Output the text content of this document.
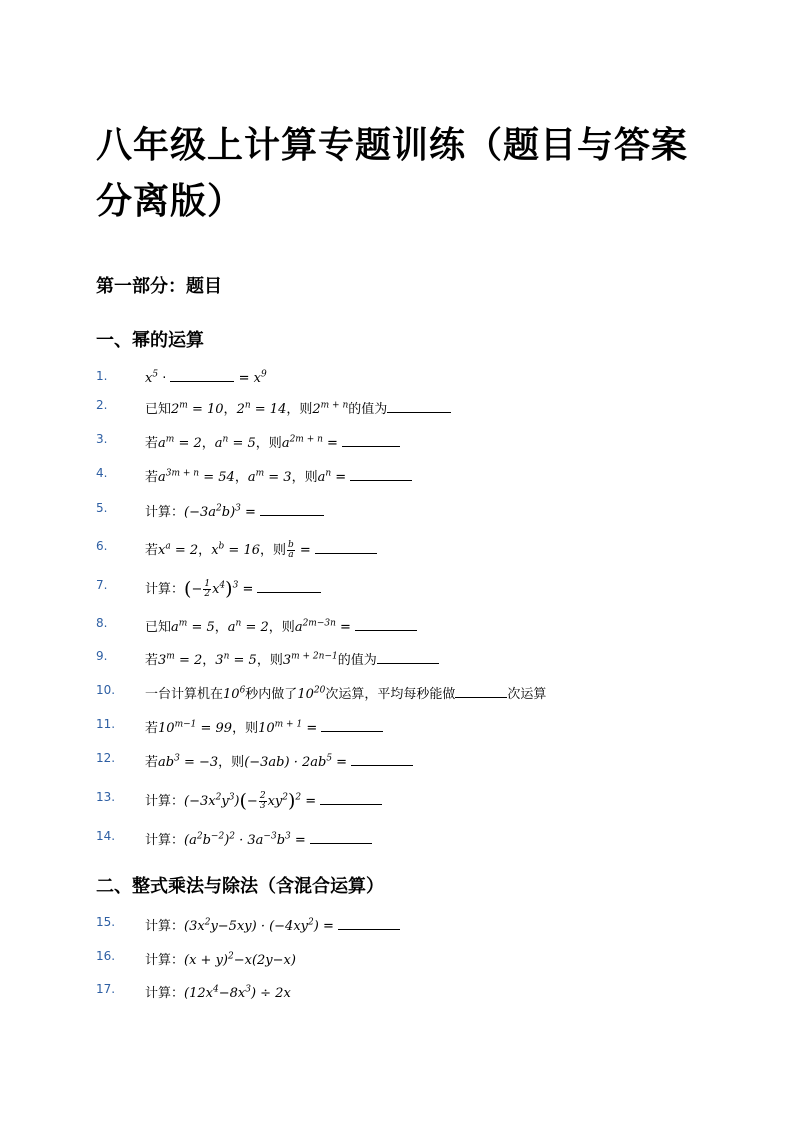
八年级上计算专题训练（题目与答案分离版）
第一部分：题目
一、幂的运算
1.	$x^5$ ·	= $x^9$
2.	已知$2^m = 10$，$2^n = 14$，则$2^{m + n}$的值为
3.	若$a^m = 2$，$a^n = 5$，则$a^{2m + n}$ =
4.	若$a^{3m + n} = 54$，$a^m = 3$，则$a^n$ =
5.	计算：$(-3a^2b)^3$ =
6.	若$x^a = 2$，$x^b = 16$，则 $\frac{b}{a}$ =
7.	计算：(− $\frac{1}{2} x^4)^3$ =
8.	已知$a^m = 5$，$a^n = 2$，则$a^{2m-3n}$ =
9.	若$3^m = 2$，$3^n = 5$，则$3^{m + 2n-1}$的值为
10. 一台计算机在$10^6$秒内做了$10^{20}$次运算，平均每秒能做	次运算
11. 若$10^{m-1} = 99$，则$10^{m + 1}$ =
12. 若$ab^3 = -3$，则$(-3ab) \cdot 2ab^5$ =
13. 计算：$(-3x^2y^3)(- \frac{2}{3} xy^2)^2$ =
14. 计算：$(a^2b^{-2})^2 \cdot 3a^{-3}b^3$ =
二、整式乘法与除法（含混合运算）
15. 计算：$(3x^2y-5xy) \cdot (-4xy^2)$ =
16. 计算：$(x + y)^2-x(2y-x)$
17. 计算：$(12x^4-8x^3) \div 2x$
